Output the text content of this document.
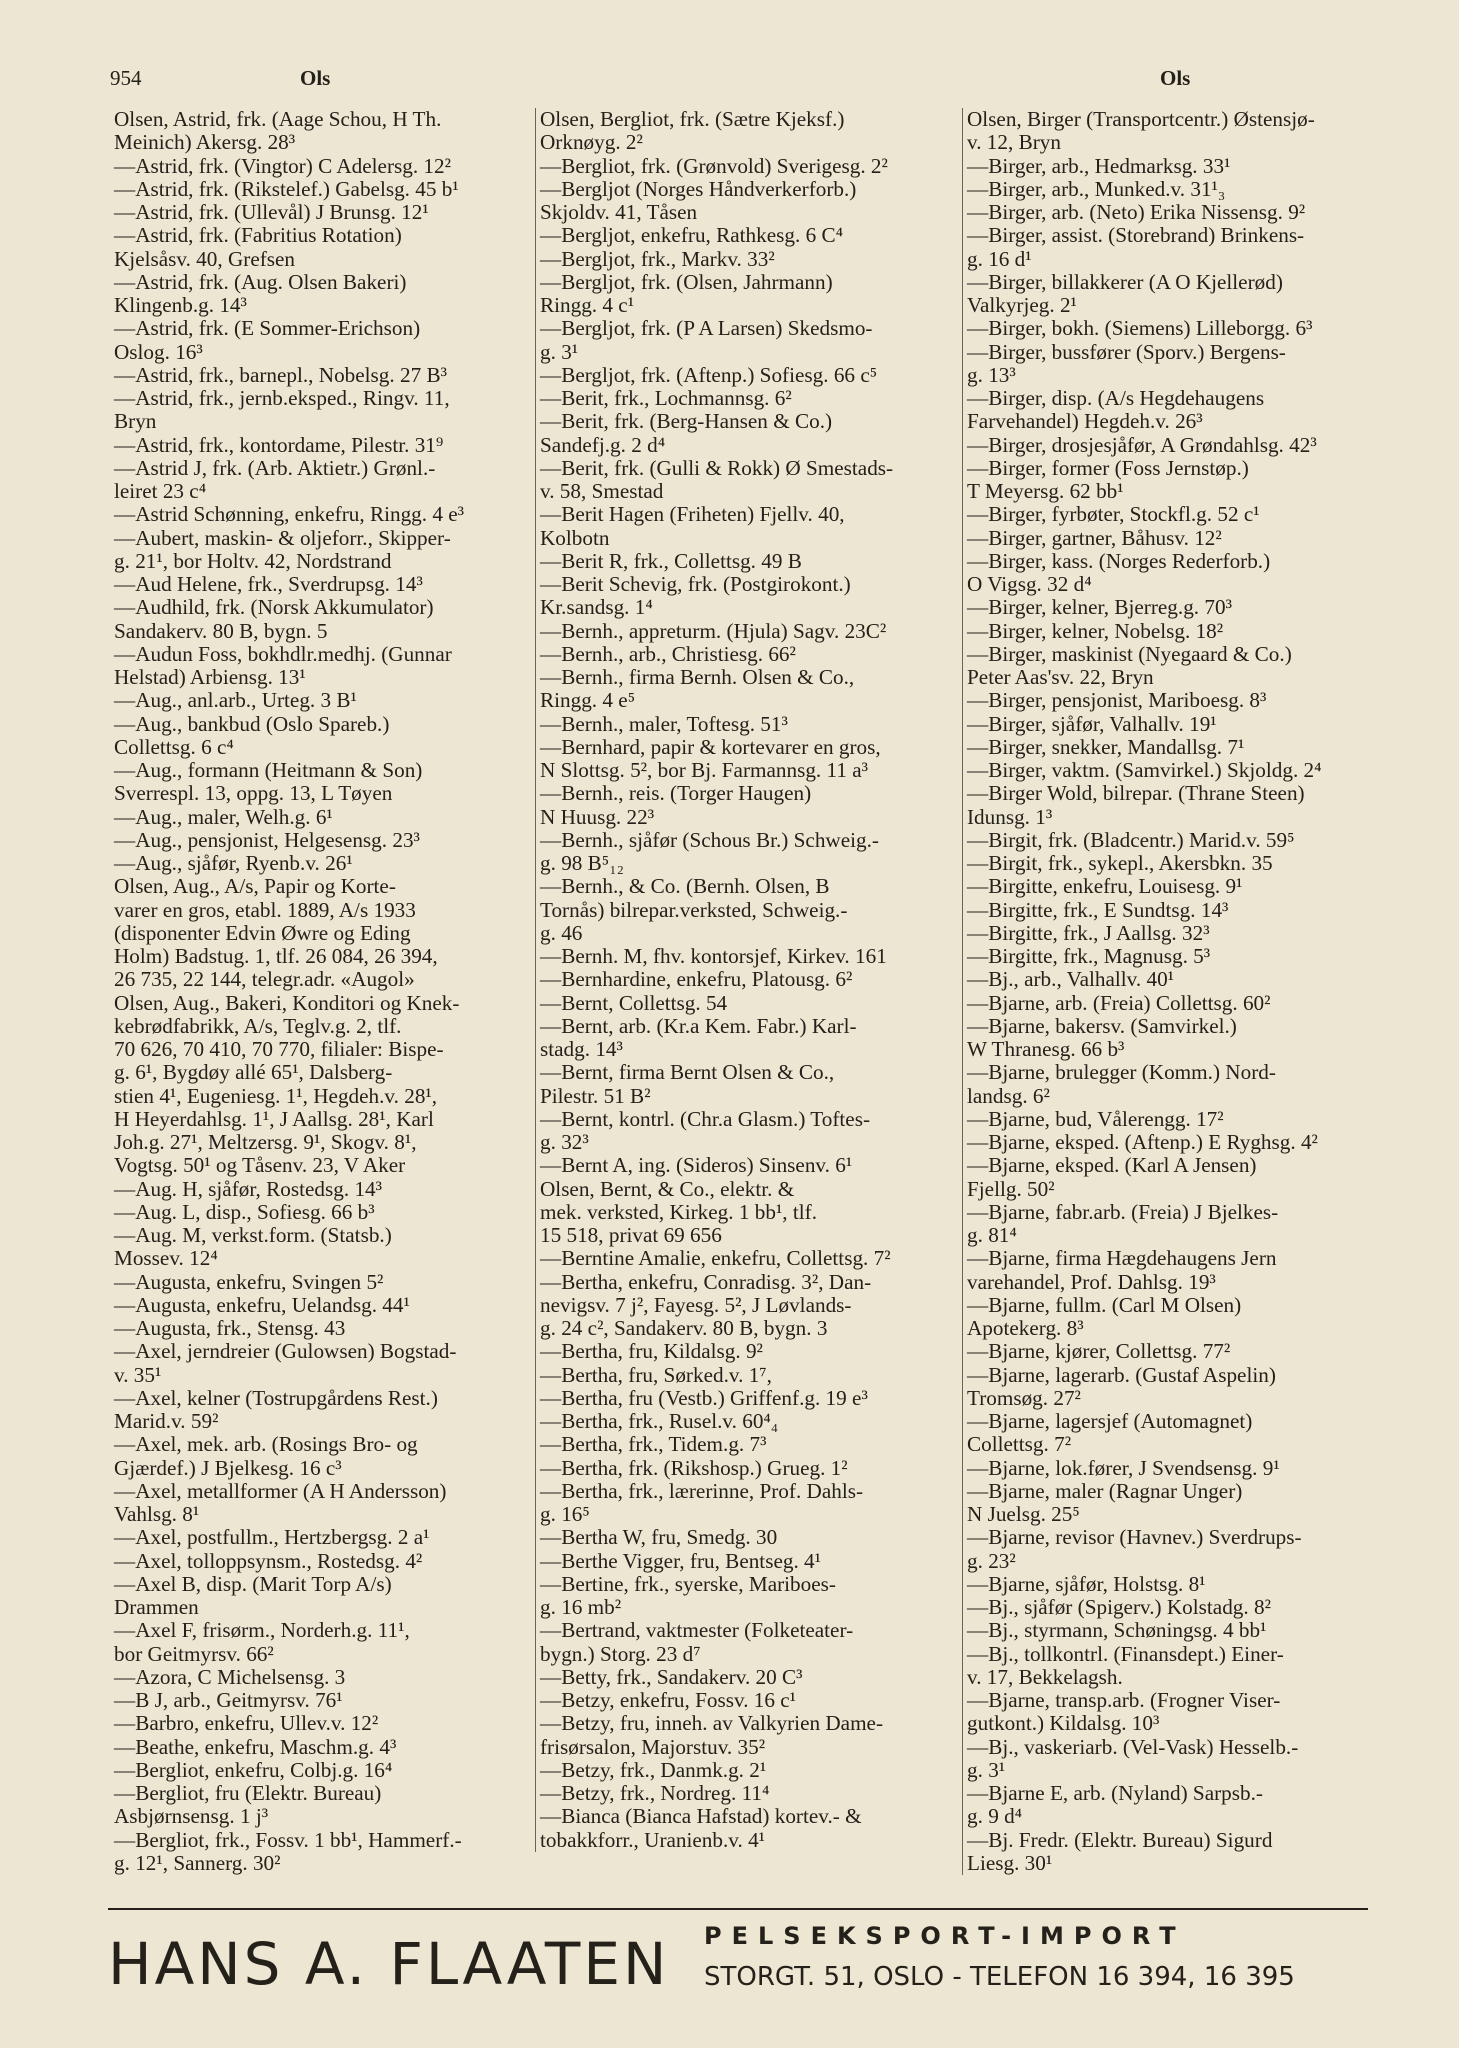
954	Ols	Ols
Olsen, Astrid, frk. (Aage Schou, H Th.
Meinich) Akersg. 28³
—Astrid, frk. (Vingtor) C Adelersg. 12²
—Astrid, frk. (Rikstelef.) Gabelsg. 45 b¹
—Astrid, frk. (Ullevål) J Brunsg. 12¹
—Astrid, frk. (Fabritius Rotation)
Kjelsåsv. 40, Grefsen
—Astrid, frk. (Aug. Olsen Bakeri)
Klingenb.g. 14³
—Astrid, frk. (E Sommer-Erichson)
Oslog. 16³
—Astrid, frk., barnepl., Nobelsg. 27 B³
—Astrid, frk., jernb.eksped., Ringv. 11,
Bryn
—Astrid, frk., kontordame, Pilestr. 31⁹
—Astrid J, frk. (Arb. Aktietr.) Grønl.-
leiret 23 c⁴
—Astrid Schønning, enkefru, Ringg. 4 e³
—Aubert, maskin- & oljeforr., Skipper-
g. 21¹, bor Holtv. 42, Nordstrand
—Aud Helene, frk., Sverdrupsg. 14³
—Audhild, frk. (Norsk Akkumulator)
Sandakerv. 80 B, bygn. 5
—Audun Foss, bokhdlr.medhj. (Gunnar
Helstad) Arbiensg. 13¹
—Aug., anl.arb., Urteg. 3 B¹
—Aug., bankbud (Oslo Spareb.)
Collettsg. 6 c⁴
—Aug., formann (Heitmann & Son)
Sverrespl. 13, oppg. 13, L Tøyen
—Aug., maler, Welh.g. 6¹
—Aug., pensjonist, Helgesensg. 23³
—Aug., sjåfør, Ryenb.v. 26¹
Olsen, Aug., A/s, Papir og Korte-
varer en gros, etabl. 1889, A/s 1933
(disponenter Edvin Øwre og Eding
Holm) Badstug. 1, tlf. 26 084, 26 394,
26 735, 22 144, telegr.adr. «Augol»
Olsen, Aug., Bakeri, Konditori og Knek-
kebrødfabrikk, A/s, Teglv.g. 2, tlf.
70 626, 70 410, 70 770, filialer: Bispe-
g. 6¹, Bygdøy allé 65¹, Dalsberg-
stien 4¹, Eugeniesg. 1¹, Hegdeh.v. 28¹,
H Heyerdahlsg. 1¹, J Aallsg. 28¹, Karl
Joh.g. 27¹, Meltzersg. 9¹, Skogv. 8¹,
Vogtsg. 50¹ og Tåsenv. 23, V Aker
—Aug. H, sjåfør, Rostedsg. 14³
—Aug. L, disp., Sofiesg. 66 b³
—Aug. M, verkst.form. (Statsb.)
Mossev. 12⁴
—Augusta, enkefru, Svingen 5²
—Augusta, enkefru, Uelandsg. 44¹
—Augusta, frk., Stensg. 43
—Axel, jerndreier (Gulowsen) Bogstad-
v. 35¹
—Axel, kelner (Tostrupgårdens Rest.)
Marid.v. 59²
—Axel, mek. arb. (Rosings Bro- og
Gjærdef.) J Bjelkesg. 16 c³
—Axel, metallformer (A H Andersson)
Vahlsg. 8¹
—Axel, postfullm., Hertzbergsg. 2 a¹
—Axel, tolloppsynsm., Rostedsg. 4²
—Axel B, disp. (Marit Torp A/s)
Drammen
—Axel F, frisørm., Norderh.g. 11¹,
bor Geitmyrsv. 66²
—Azora, C Michelsensg. 3
—B J, arb., Geitmyrsv. 76¹
—Barbro, enkefru, Ullev.v. 12²
—Beathe, enkefru, Maschm.g. 4³
—Bergliot, enkefru, Colbj.g. 16⁴
—Bergliot, fru (Elektr. Bureau)
Asbjørnsensg. 1 j³
—Bergliot, frk., Fossv. 1 bb¹, Hammerf.-
g. 12¹, Sannerg. 30²
Olsen, Bergliot, frk. (Sætre Kjeksf.)
Orknøyg. 2²
—Bergliot, frk. (Grønvold) Sverigesg. 2²
—Bergljot (Norges Håndverkerforb.)
Skjoldv. 41, Tåsen
—Bergljot, enkefru, Rathkesg. 6 C⁴
—Bergljot, frk., Markv. 33²
—Bergljot, frk. (Olsen, Jahrmann)
Ringg. 4 c¹
—Bergljot, frk. (P A Larsen) Skedsmo-
g. 3¹
—Bergljot, frk. (Aftenp.) Sofiesg. 66 c⁵
—Berit, frk., Lochmannsg. 6²
—Berit, frk. (Berg-Hansen & Co.)
Sandefj.g. 2 d⁴
—Berit, frk. (Gulli & Rokk) Ø Smestads-
v. 58, Smestad
—Berit Hagen (Friheten) Fjellv. 40,
Kolbotn
—Berit R, frk., Collettsg. 49 B
—Berit Schevig, frk. (Postgirokont.)
Kr.sandsg. 1⁴
—Bernh., appreturm. (Hjula) Sagv. 23C²
—Bernh., arb., Christiesg. 66²
—Bernh., firma Bernh. Olsen & Co.,
Ringg. 4 e⁵
—Bernh., maler, Toftesg. 51³
—Bernhard, papir & kortevarer en gros,
N Slottsg. 5², bor Bj. Farmannsg. 11 a³
—Bernh., reis. (Torger Haugen)
N Huusg. 22³
—Bernh., sjåfør (Schous Br.) Schweig.-
g. 98 B⁵₁₂
—Bernh., & Co. (Bernh. Olsen, B
Tornås) bilrepar.verksted, Schweig.-
g. 46
—Bernh. M, fhv. kontorsjef, Kirkev. 161
—Bernhardine, enkefru, Platousg. 6²
—Bernt, Collettsg. 54
—Bernt, arb. (Kr.a Kem. Fabr.) Karl-
stadg. 14³
—Bernt, firma Bernt Olsen & Co.,
Pilestr. 51 B²
—Bernt, kontrl. (Chr.a Glasm.) Toftes-
g. 32³
—Bernt A, ing. (Sideros) Sinsenv. 6¹
Olsen, Bernt, & Co., elektr. &
mek. verksted, Kirkeg. 1 bb¹, tlf.
15 518, privat 69 656
—Berntine Amalie, enkefru, Collettsg. 7²
—Bertha, enkefru, Conradisg. 3², Dan-
nevigsv. 7 j², Fayesg. 5², J Løvlands-
g. 24 c², Sandakerv. 80 B, bygn. 3
—Bertha, fru, Kildalsg. 9²
—Bertha, fru, Sørked.v. 1⁷,
—Bertha, fru (Vestb.) Griffenf.g. 19 e³
—Bertha, frk., Rusel.v. 60⁴₄
—Bertha, frk., Tidem.g. 7³
—Bertha, frk. (Rikshosp.) Grueg. 1²
—Bertha, frk., lærerinne, Prof. Dahls-
g. 16⁵
—Bertha W, fru, Smedg. 30
—Berthe Vigger, fru, Bentseg. 4¹
—Bertine, frk., syerske, Mariboes-
g. 16 mb²
—Bertrand, vaktmester (Folketeater-
bygn.) Storg. 23 d⁷
—Betty, frk., Sandakerv. 20 C³
—Betzy, enkefru, Fossv. 16 c¹
—Betzy, fru, inneh. av Valkyrien Dame-
frisørsalon, Majorstuv. 35²
—Betzy, frk., Danmk.g. 2¹
—Betzy, frk., Nordreg. 11⁴
—Bianca (Bianca Hafstad) kortev.- &
tobakkforr., Uranienb.v. 4¹
Olsen, Birger (Transportcentr.) Østensjø-
v. 12, Bryn
—Birger, arb., Hedmarksg. 33¹
—Birger, arb., Munked.v. 31¹₃
—Birger, arb. (Neto) Erika Nissensg. 9²
—Birger, assist. (Storebrand) Brinkens-
g. 16 d¹
—Birger, billakkerer (A O Kjellerød)
Valkyrjeg. 2¹
—Birger, bokh. (Siemens) Lilleborgg. 6³
—Birger, bussfører (Sporv.) Bergens-
g. 13³
—Birger, disp. (A/s Hegdehaugens
Farvehandel) Hegdeh.v. 26³
—Birger, drosjesjåfør, A Grøndahlsg. 42³
—Birger, former (Foss Jernstøp.)
T Meyersg. 62 bb¹
—Birger, fyrbøter, Stockfl.g. 52 c¹
—Birger, gartner, Båhusv. 12²
—Birger, kass. (Norges Rederforb.)
O Vigsg. 32 d⁴
—Birger, kelner, Bjerreg.g. 70³
—Birger, kelner, Nobelsg. 18²
—Birger, maskinist (Nyegaard & Co.)
Peter Aas'sv. 22, Bryn
—Birger, pensjonist, Mariboesg. 8³
—Birger, sjåfør, Valhallv. 19¹
—Birger, snekker, Mandallsg. 7¹
—Birger, vaktm. (Samvirkel.) Skjoldg. 2⁴
—Birger Wold, bilrepar. (Thrane Steen)
Idunsg. 1³
—Birgit, frk. (Bladcentr.) Marid.v. 59⁵
—Birgit, frk., sykepl., Akersbkn. 35
—Birgitte, enkefru, Louisesg. 9¹
—Birgitte, frk., E Sundtsg. 14³
—Birgitte, frk., J Aallsg. 32³
—Birgitte, frk., Magnusg. 5³
—Bj., arb., Valhallv. 40¹
—Bjarne, arb. (Freia) Collettsg. 60²
—Bjarne, bakersv. (Samvirkel.)
W Thranesg. 66 b³
—Bjarne, brulegger (Komm.) Nord-
landsg. 6²
—Bjarne, bud, Vålerengg. 17²
—Bjarne, eksped. (Aftenp.) E Ryghsg. 4²
—Bjarne, eksped. (Karl A Jensen)
Fjellg. 50²
—Bjarne, fabr.arb. (Freia) J Bjelkes-
g. 81⁴
—Bjarne, firma Hægdehaugens Jern
varehandel, Prof. Dahlsg. 19³
—Bjarne, fullm. (Carl M Olsen)
Apotekerg. 8³
—Bjarne, kjører, Collettsg. 77²
—Bjarne, lagerarb. (Gustaf Aspelin)
Tromsøg. 27²
—Bjarne, lagersjef (Automagnet)
Collettsg. 7²
—Bjarne, lok.fører, J Svendsensg. 9¹
—Bjarne, maler (Ragnar Unger)
N Juelsg. 25⁵
—Bjarne, revisor (Havnev.) Sverdrups-
g. 23²
—Bjarne, sjåfør, Holstsg. 8¹
—Bj., sjåfør (Spigerv.) Kolstadg. 8²
—Bj., styrmann, Schøningsg. 4 bb¹
—Bj., tollkontrl. (Finansdept.) Einer-
v. 17, Bekkelagsh.
—Bjarne, transp.arb. (Frogner Viser-
gutkont.) Kildalsg. 10³
—Bj., vaskeriarb. (Vel-Vask) Hesselb.-
g. 3¹
—Bjarne E, arb. (Nyland) Sarpsb.-
g. 9 d⁴
—Bj. Fredr. (Elektr. Bureau) Sigurd
Liesg. 30¹
HANS A. FLAATEN PELSEKSPORT-IMPORT
STORGT. 51, OSLO - TELEFON 16 394, 16 395
